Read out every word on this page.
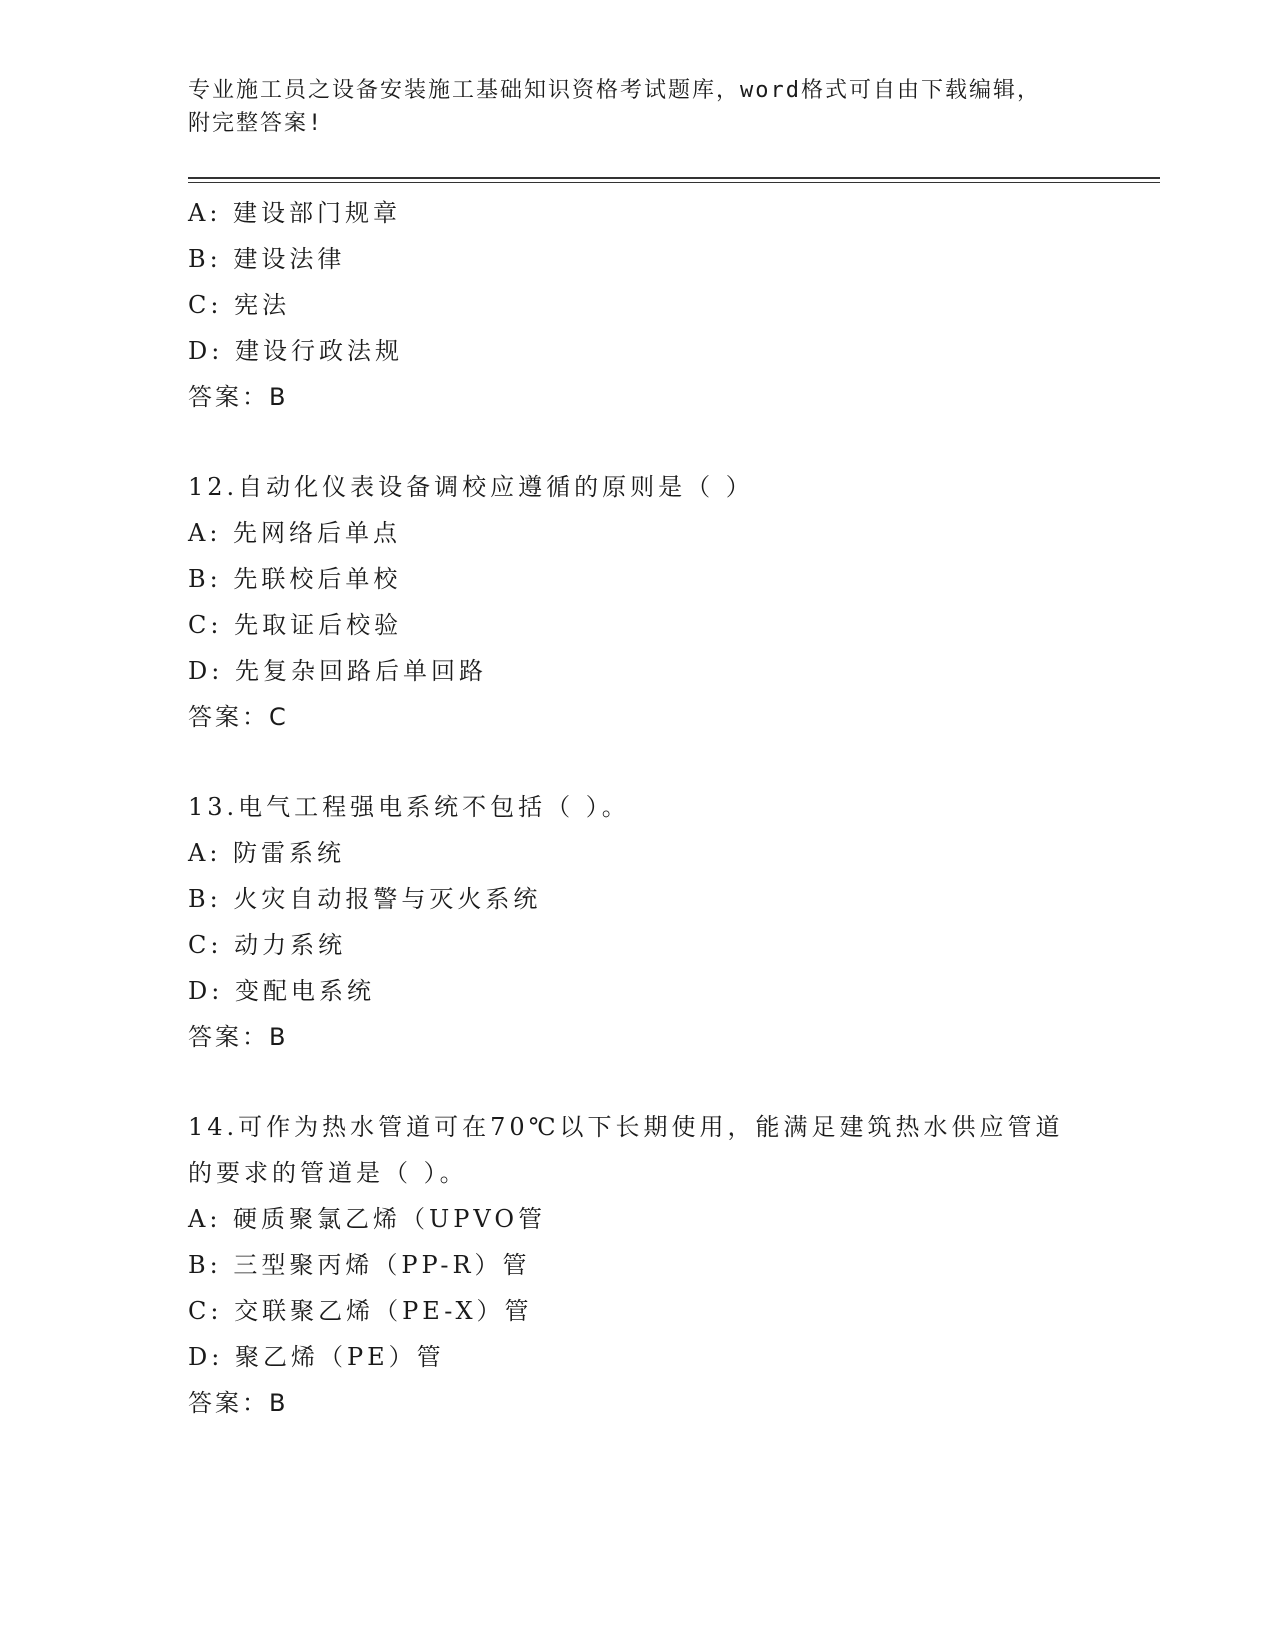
专业施工员之设备安装施工基础知识资格考试题库，word格式可自由下载编辑，
附完整答案!

A: 建设部门规章

B: 建设法律

C: 宪法

D: 建设行政法规

答案：B

12.自动化仪表设备调校应遵循的原则是（ ）

A: 先网络后单点

B: 先联校后单校

C: 先取证后校验

D: 先复杂回路后单回路

答案：C

13.电气工程强电系统不包括（ ）。

A: 防雷系统

B: 火灾自动报警与灭火系统

C: 动力系统

D: 变配电系统

答案：B

14.可作为热水管道可在70℃以下长期使用，能满足建筑热水供应管道

的要求的管道是（ ）。

A: 硬质聚氯乙烯（UPVO管

B: 三型聚丙烯（PP-R）管

C: 交联聚乙烯（PE-X）管

D: 聚乙烯（PE）管

答案：B
